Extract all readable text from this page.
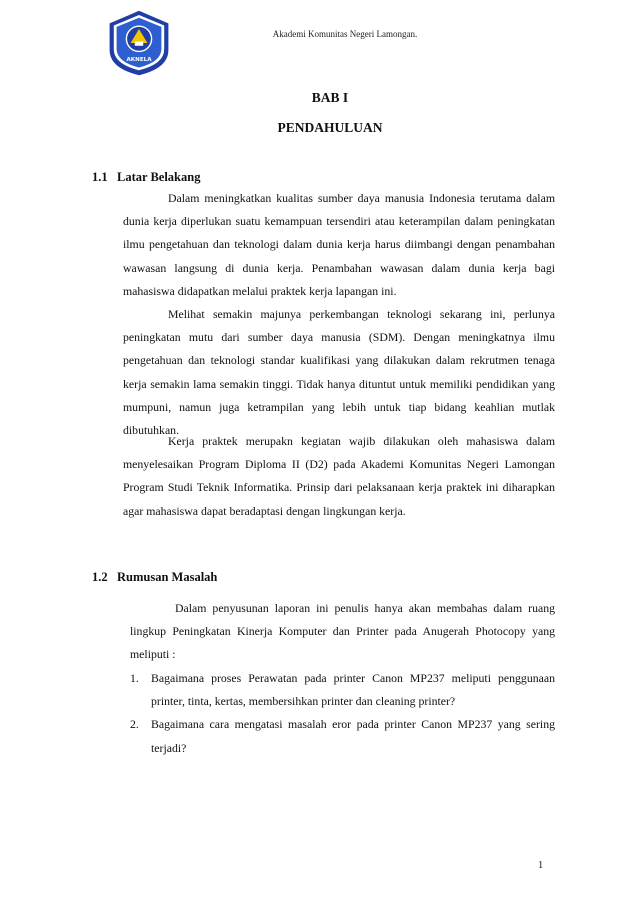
AKNELA
Akademi Komunitas Negeri Lamongan.
BAB I
PENDAHULUAN
1.1 Latar Belakang

Dalam meningkatkan kualitas sumber daya manusia Indonesia terutama dalam dunia kerja diperlukan suatu kemampuan tersendiri atau keterampilan dalam peningkatan ilmu pengetahuan dan teknologi dalam dunia kerja harus diimbangi dengan penambahan wawasan langsung di dunia kerja. Penambahan wawasan dalam dunia kerja bagi mahasiswa didapatkan melalui praktek kerja lapangan ini.

Melihat semakin majunya perkembangan teknologi sekarang ini, perlunya peningkatan mutu dari sumber daya manusia (SDM). Dengan meningkatnya ilmu pengetahuan dan teknologi standar kualifikasi yang dilakukan dalam rekrutmen tenaga kerja semakin lama semakin tinggi. Tidak hanya dituntut untuk memiliki pendidikan yang mumpuni, namun juga ketrampilan yang lebih untuk tiap bidang keahlian mutlak dibutuhkan.

Kerja praktek merupakn kegiatan wajib dilakukan oleh mahasiswa dalam menyelesaikan Program Diploma II (D2) pada Akademi Komunitas Negeri Lamongan Program Studi Teknik Informatika. Prinsip dari pelaksanaan kerja praktek ini diharapkan agar mahasiswa dapat beradaptasi dengan lingkungan kerja.

1.2 Rumusan Masalah

Dalam penyusunan laporan ini penulis hanya akan membahas dalam ruang lingkup Peningkatan Kinerja Komputer dan Printer pada Anugerah Photocopy yang meliputi :

1. Bagaimana proses Perawatan pada printer Canon MP237 meliputi penggunaan printer, tinta, kertas, membersihkan printer dan cleaning printer?
2. Bagaimana cara mengatasi masalah eror pada printer Canon MP237 yang sering terjadi?
1
